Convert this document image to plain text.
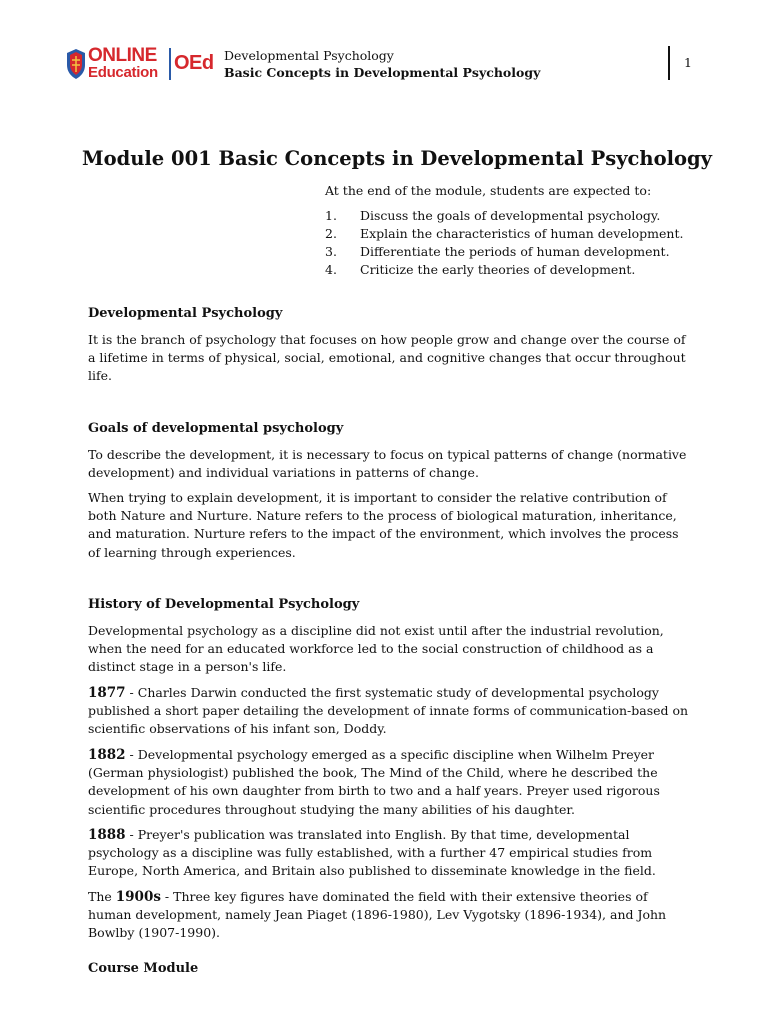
ONLINE
Education OEd Developmental Psychology
Basic Concepts in Developmental Psychology
1
Module 001 Basic Concepts in Developmental Psychology

At the end of the module, students are expected to:

1.	Discuss the goals of developmental psychology.
2.	Explain the characteristics of human development.
3.	Differentiate the periods of human development.
4.	Criticize the early theories of development.
Developmental Psychology

It is the branch of psychology that focuses on how people grow and change over the course of a lifetime in terms of physical, social, emotional, and cognitive changes that occur throughout life.

Goals of developmental psychology

To describe the development, it is necessary to focus on typical patterns of change (normative development) and individual variations in patterns of change.

When trying to explain development, it is important to consider the relative contribution of both Nature and Nurture. Nature refers to the process of biological maturation, inheritance, and maturation. Nurture refers to the impact of the environment, which involves the process of learning through experiences.

History of Developmental Psychology

Developmental psychology as a discipline did not exist until after the industrial revolution, when the need for an educated workforce led to the social construction of childhood as a distinct stage in a person's life.

1877 - Charles Darwin conducted the first systematic study of developmental psychology published a short paper detailing the development of innate forms of communication-based on scientific observations of his infant son, Doddy.

1882 - Developmental psychology emerged as a specific discipline when Wilhelm Preyer (German physiologist) published the book, The Mind of the Child, where he described the development of his own daughter from birth to two and a half years. Preyer used rigorous scientific procedures throughout studying the many abilities of his daughter.

1888 - Preyer's publication was translated into English. By that time, developmental psychology as a discipline was fully established, with a further 47 empirical studies from Europe, North America, and Britain also published to disseminate knowledge in the field.

The 1900s - Three key figures have dominated the field with their extensive theories of human development, namely Jean Piaget (1896-1980), Lev Vygotsky (1896-1934), and John Bowlby (1907-1990).

Course Module
